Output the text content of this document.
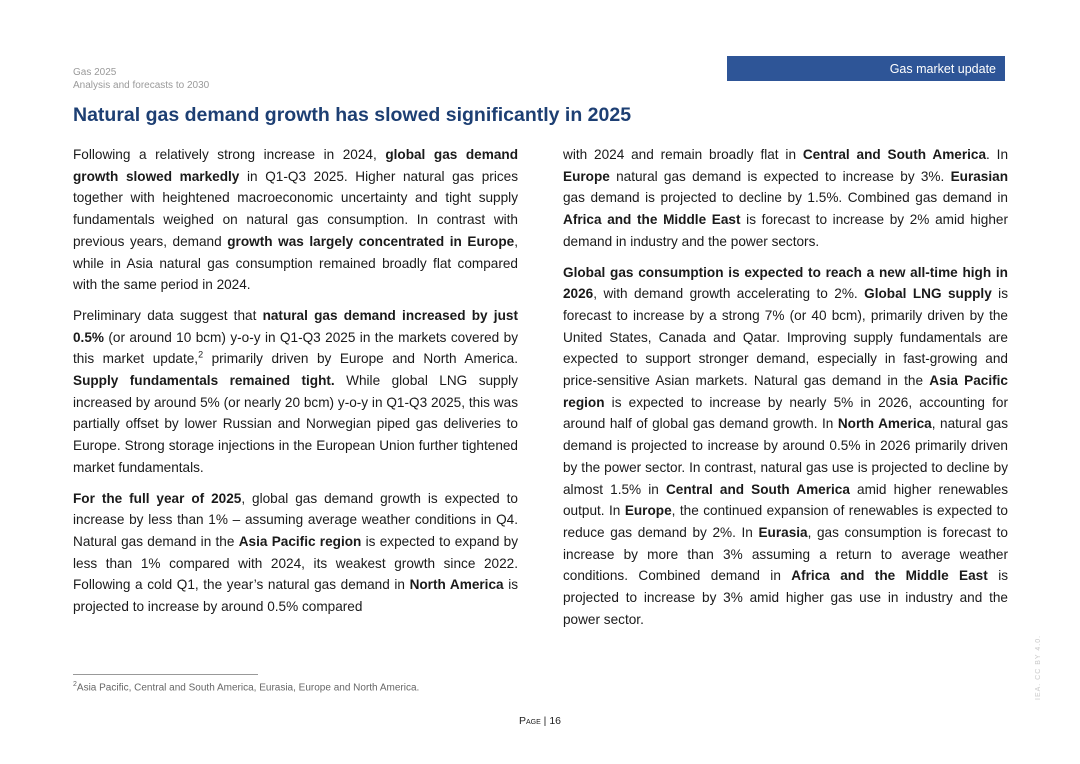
Gas 2025
Analysis and forecasts to 2030
Gas market update
Natural gas demand growth has slowed significantly in 2025

Following a relatively strong increase in 2024, global gas demand growth slowed markedly in Q1-Q3 2025. Higher natural gas prices together with heightened macroeconomic uncertainty and tight supply fundamentals weighed on natural gas consumption. In contrast with previous years, demand growth was largely concentrated in Europe, while in Asia natural gas consumption remained broadly flat compared with the same period in 2024.

Preliminary data suggest that natural gas demand increased by just 0.5% (or around 10 bcm) y-o-y in Q1-Q3 2025 in the markets covered by this market update,$^2$ primarily driven by Europe and North America. Supply fundamentals remained tight. While global LNG supply increased by around 5% (or nearly 20 bcm) y-o-y in Q1-Q3 2025, this was partially offset by lower Russian and Norwegian piped gas deliveries to Europe. Strong storage injections in the European Union further tightened market fundamentals.

For the full year of 2025, global gas demand growth is expected to increase by less than 1% – assuming average weather conditions in Q4. Natural gas demand in the Asia Pacific region is expected to expand by less than 1% compared with 2024, its weakest growth since 2022. Following a cold Q1, the year’s natural gas demand in North America is projected to increase by around 0.5% compared

with 2024 and remain broadly flat in Central and South America. In Europe natural gas demand is expected to increase by 3%. Eurasian gas demand is projected to decline by 1.5%. Combined gas demand in Africa and the Middle East is forecast to increase by 2% amid higher demand in industry and the power sectors.

Global gas consumption is expected to reach a new all-time high in 2026, with demand growth accelerating to 2%. Global LNG supply is forecast to increase by a strong 7% (or 40 bcm), primarily driven by the United States, Canada and Qatar. Improving supply fundamentals are expected to support stronger demand, especially in fast-growing and price-sensitive Asian markets. Natural gas demand in the Asia Pacific region is expected to increase by nearly 5% in 2026, accounting for around half of global gas demand growth. In North America, natural gas demand is projected to increase by around 0.5% in 2026 primarily driven by the power sector. In contrast, natural gas use is projected to decline by almost 1.5% in Central and South America amid higher renewables output. In Europe, the continued expansion of renewables is expected to reduce gas demand by 2%. In Eurasia, gas consumption is forecast to increase by more than 3% assuming a return to average weather conditions. Combined demand in Africa and the Middle East is projected to increase by 3% amid higher gas use in industry and the power sector.

$^2$Asia Pacific, Central and South America, Eurasia, Europe and North America.
Page | 16
IEA. CC BY 4.0.
